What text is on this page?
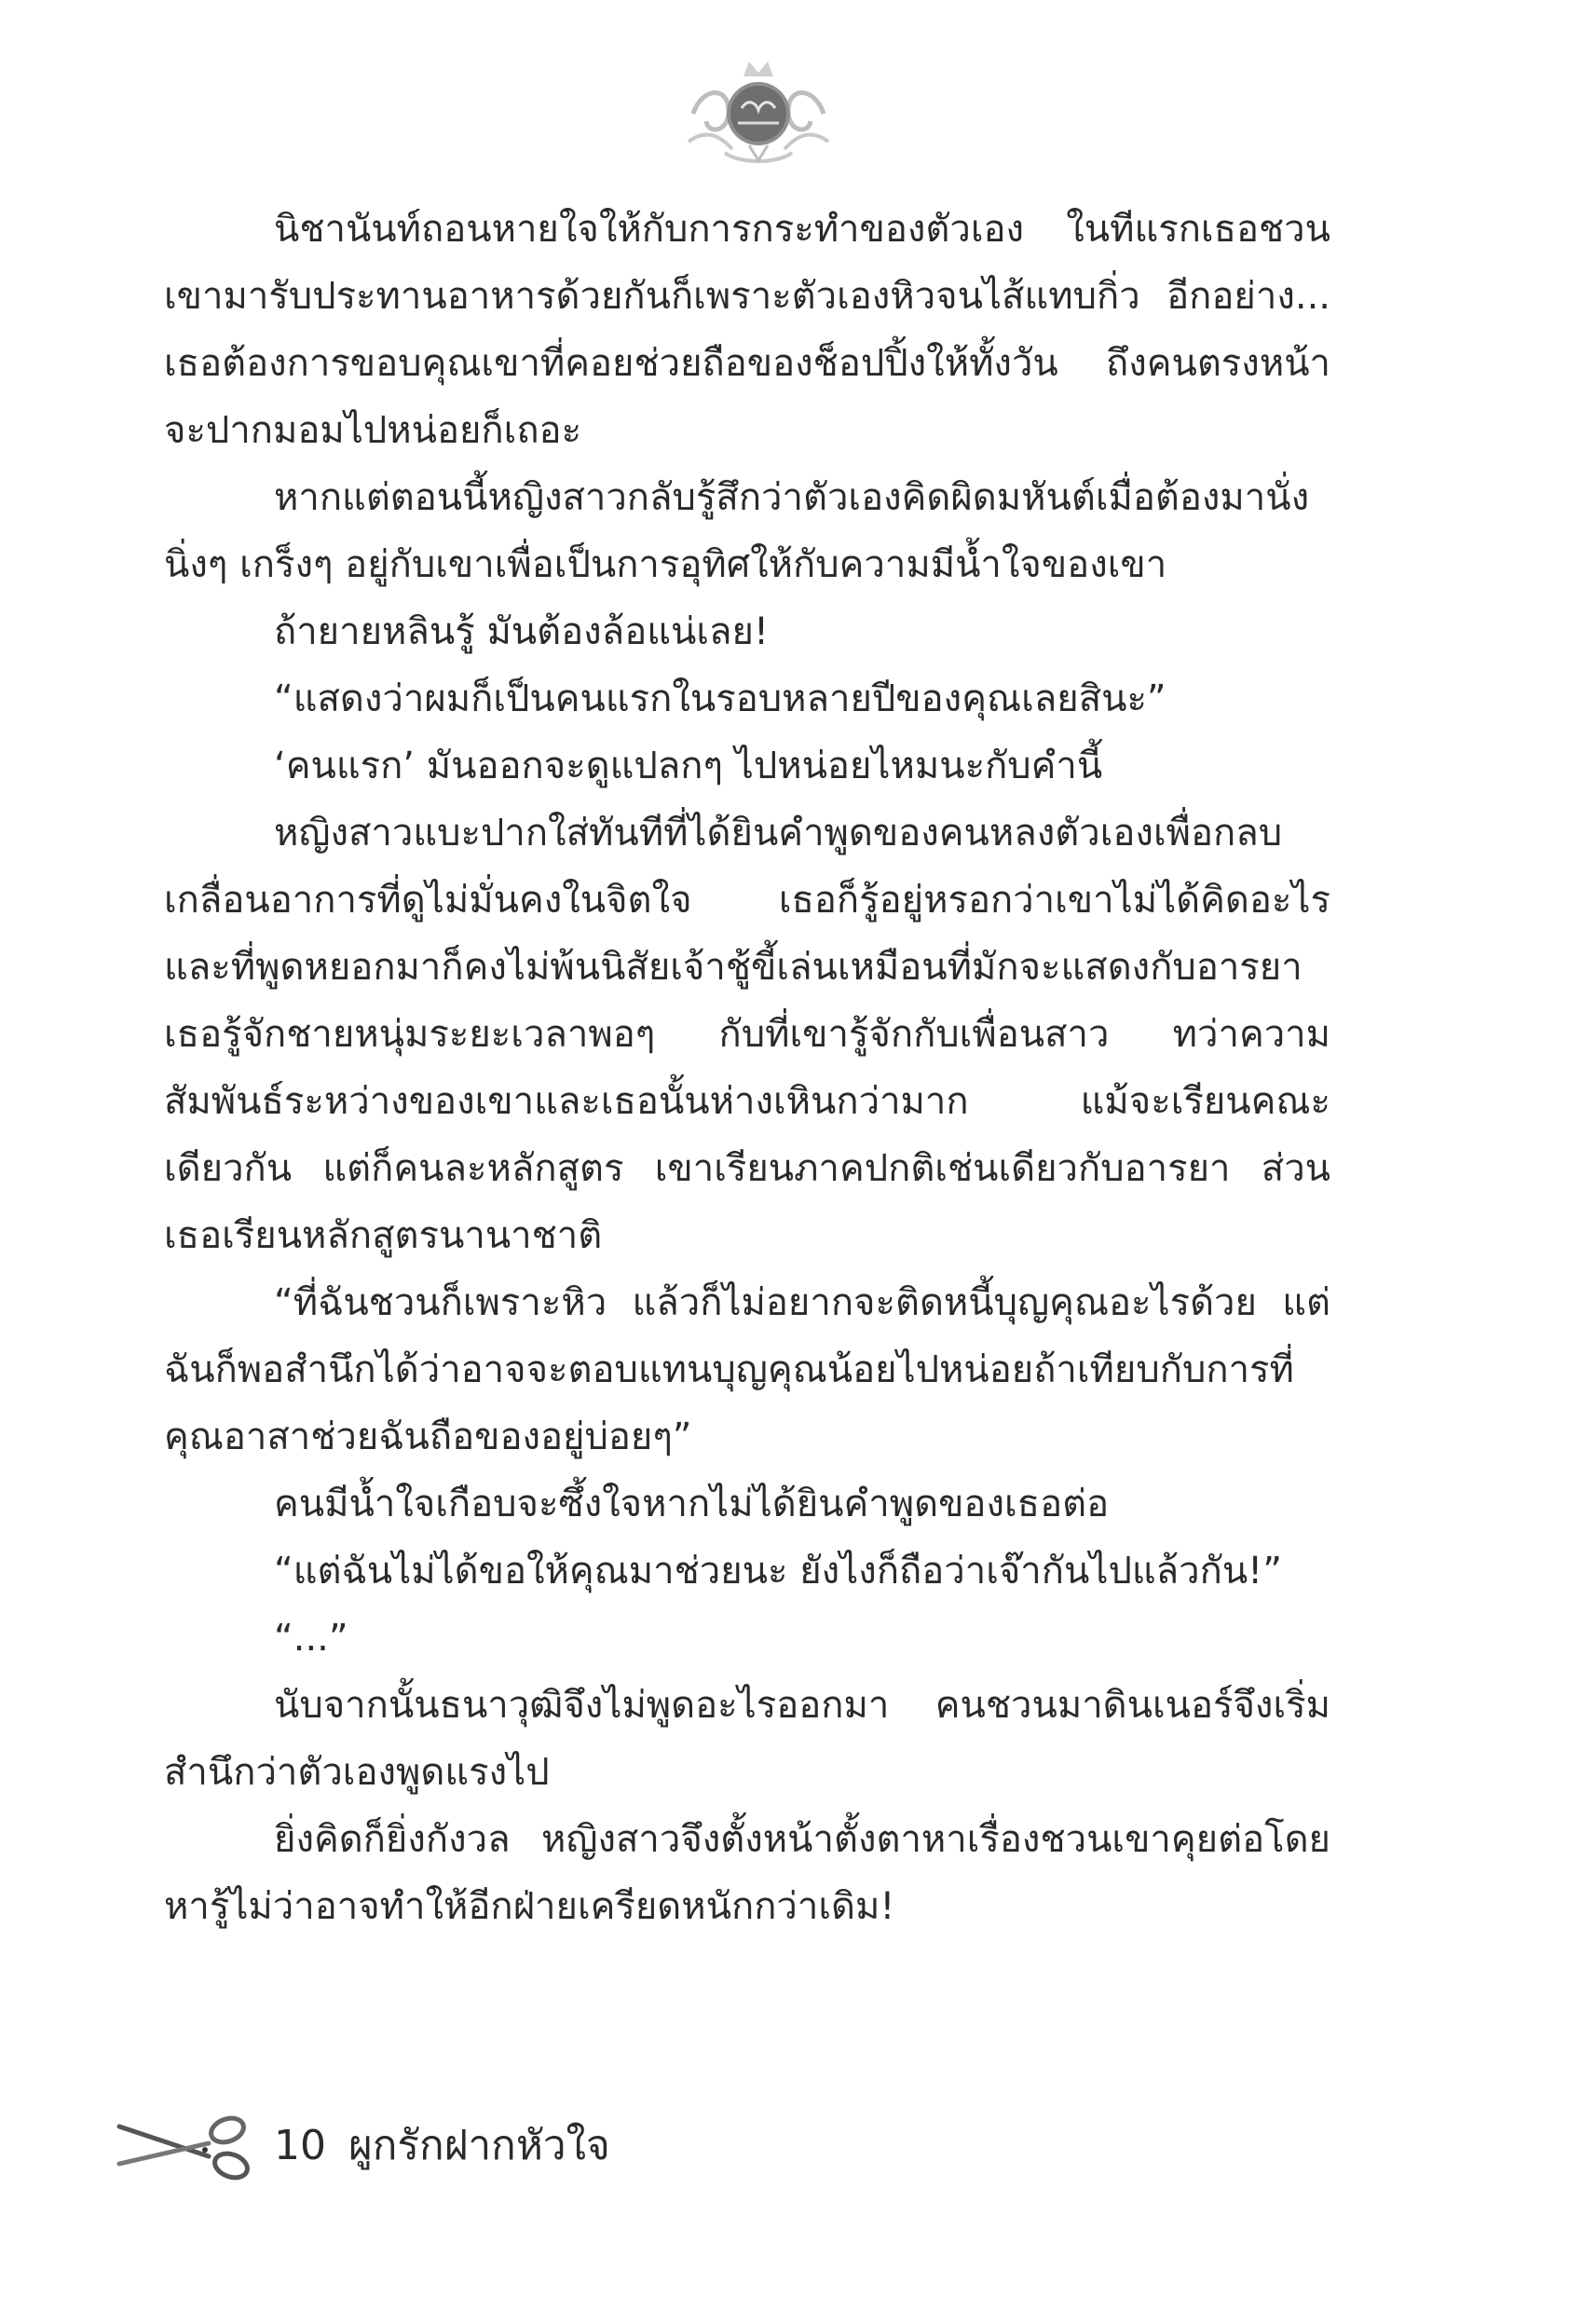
นิชานันท์ถอนหายใจให้กับการกระทำของตัวเอง ในทีแรกเธอชวนเขามารับประทานอาหารด้วยกันก็เพราะตัวเองหิวจนไส้แทบกิ่ว อีกอย่าง... เธอต้องการขอบคุณเขาที่คอยช่วยถือของช็อปปิ้งให้ทั้งวัน ถึงคนตรงหน้าจะปากมอมไปหน่อยก็เถอะ

หากแต่ตอนนี้หญิงสาวกลับรู้สึกว่าตัวเองคิดผิดมหันต์เมื่อต้องมานั่งนิ่งๆ เกร็งๆ อยู่กับเขาเพื่อเป็นการอุทิศให้กับความมีน้ำใจของเขา

ถ้ายายหลินรู้ มันต้องล้อแน่เลย!

“แสดงว่าผมก็เป็นคนแรกในรอบหลายปีของคุณเลยสินะ”

‘คนแรก’ มันออกจะดูแปลกๆ ไปหน่อยไหมนะกับคำนี้

หญิงสาวแบะปากใส่ทันทีที่ได้ยินคำพูดของคนหลงตัวเองเพื่อกลบเกลื่อนอาการที่ดูไม่มั่นคงในจิตใจ เธอก็รู้อยู่หรอกว่าเขาไม่ได้คิดอะไร และที่พูดหยอกมาก็คงไม่พ้นนิสัยเจ้าชู้ขี้เล่นเหมือนที่มักจะแสดงกับอารยา เธอรู้จักชายหนุ่มระยะเวลาพอๆ กับที่เขารู้จักกับเพื่อนสาว ทว่าความสัมพันธ์ระหว่างของเขาและเธอนั้นห่างเหินกว่ามาก แม้จะเรียนคณะเดียวกัน แต่ก็คนละหลักสูตร เขาเรียนภาคปกติเช่นเดียวกับอารยา ส่วนเธอเรียนหลักสูตรนานาชาติ

“ที่ฉันชวนก็เพราะหิว แล้วก็ไม่อยากจะติดหนี้บุญคุณอะไรด้วย แต่ฉันก็พอสำนึกได้ว่าอาจจะตอบแทนบุญคุณน้อยไปหน่อยถ้าเทียบกับการที่คุณอาสาช่วยฉันถือของอยู่บ่อยๆ”

คนมีน้ำใจเกือบจะซึ้งใจหากไม่ได้ยินคำพูดของเธอต่อ

“แต่ฉันไม่ได้ขอให้คุณมาช่วยนะ ยังไงก็ถือว่าเจ๊ากันไปแล้วกัน!”

“...”

นับจากนั้นธนาวุฒิจึงไม่พูดอะไรออกมา คนชวนมาดินเนอร์จึงเริ่มสำนึกว่าตัวเองพูดแรงไป

ยิ่งคิดก็ยิ่งกังวล หญิงสาวจึงตั้งหน้าตั้งตาหาเรื่องชวนเขาคุยต่อโดยหารู้ไม่ว่าอาจทำให้อีกฝ่ายเครียดหนักกว่าเดิม!

10 ผูกรักฝากหัวใจ
